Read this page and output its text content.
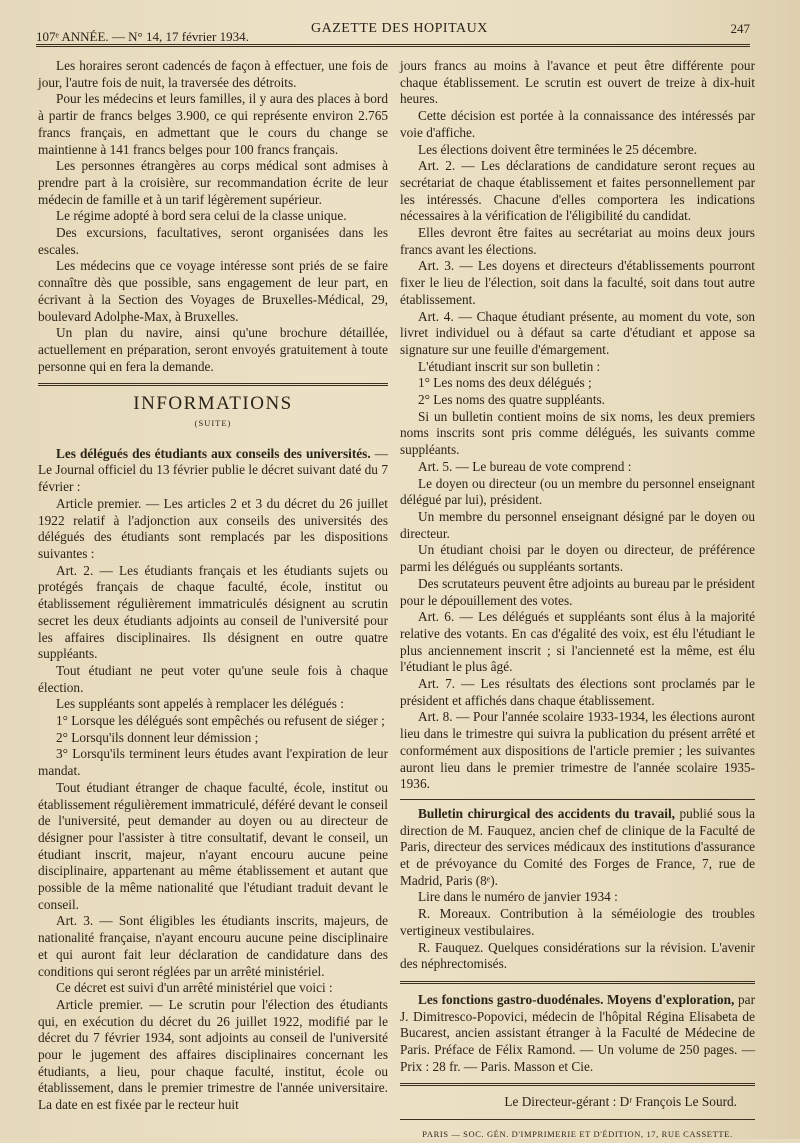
107ᵉ ANNÉE. — N° 14, 17 février 1934.
GAZETTE DES HOPITAUX	247

Les horaires seront cadencés de façon à effectuer, une fois de jour, l'autre fois de nuit, la traversée des détroits.

Pour les médecins et leurs familles, il y aura des places à bord à partir de francs belges 3.900, ce qui représente environ 2.765 francs français, en admettant que le cours du change se maintienne à 141 francs belges pour 100 francs français.

Les personnes étrangères au corps médical sont admises à prendre part à la croisière, sur recommandation écrite de leur médecin de famille et à un tarif légèrement supérieur.

Le régime adopté à bord sera celui de la classe unique.

Des excursions, facultatives, seront organisées dans les escales.

Les médecins que ce voyage intéresse sont priés de se faire connaître dès que possible, sans engagement de leur part, en écrivant à la Section des Voyages de Bruxelles-Médical, 29, boulevard Adolphe-Max, à Bruxelles.

Un plan du navire, ainsi qu'une brochure détaillée, actuellement en préparation, seront envoyés gratuitement à toute personne qui en fera la demande.

INFORMATIONS
(SUITE)

Les délégués des étudiants aux conseils des universités. — Le Journal officiel du 13 février publie le décret suivant daté du 7 février :

Article premier. — Les articles 2 et 3 du décret du 26 juillet 1922 relatif à l'adjonction aux conseils des universités des délégués des étudiants sont remplacés par les dispositions suivantes :

Art. 2. — Les étudiants français et les étudiants sujets ou protégés français de chaque faculté, école, institut ou établissement régulièrement immatriculés désignent au scrutin secret les deux étudiants adjoints au conseil de l'université pour les affaires disciplinaires. Ils désignent en outre quatre suppléants.

Tout étudiant ne peut voter qu'une seule fois à chaque élection.

Les suppléants sont appelés à remplacer les délégués :

1° Lorsque les délégués sont empêchés ou refusent de siéger ;

2° Lorsqu'ils donnent leur démission ;

3° Lorsqu'ils terminent leurs études avant l'expiration de leur mandat.

Tout étudiant étranger de chaque faculté, école, institut ou établissement régulièrement immatriculé, déféré devant le conseil de l'université, peut demander au doyen ou au directeur de désigner pour l'assister à titre consultatif, devant le conseil, un étudiant inscrit, majeur, n'ayant encouru aucune peine disciplinaire, appartenant au même établissement et autant que possible de la même nationalité que l'étudiant traduit devant le conseil.

Art. 3. — Sont éligibles les étudiants inscrits, majeurs, de nationalité française, n'ayant encouru aucune peine disciplinaire et qui auront fait leur déclaration de candidature dans des conditions qui seront réglées par un arrêté ministériel.

Ce décret est suivi d'un arrêté ministériel que voici :

Article premier. — Le scrutin pour l'élection des étudiants qui, en exécution du décret du 26 juillet 1922, modifié par le décret du 7 février 1934, sont adjoints au conseil de l'université pour le jugement des affaires disciplinaires concernant les étudiants, a lieu, pour chaque faculté, institut, école ou établissement, dans le premier trimestre de l'année universitaire. La date en est fixée par le recteur huit

jours francs au moins à l'avance et peut être différente pour chaque établissement. Le scrutin est ouvert de treize à dix-huit heures.

Cette décision est portée à la connaissance des intéressés par voie d'affiche.

Les élections doivent être terminées le 25 décembre.

Art. 2. — Les déclarations de candidature seront reçues au secrétariat de chaque établissement et faites personnellement par les intéressés. Chacune d'elles comportera les indications nécessaires à la vérification de l'éligibilité du candidat.

Elles devront être faites au secrétariat au moins deux jours francs avant les élections.

Art. 3. — Les doyens et directeurs d'établissements pourront fixer le lieu de l'élection, soit dans la faculté, soit dans tout autre établissement.

Art. 4. — Chaque étudiant présente, au moment du vote, son livret individuel ou à défaut sa carte d'étudiant et appose sa signature sur une feuille d'émargement.

L'étudiant inscrit sur son bulletin :

1° Les noms des deux délégués ;

2° Les noms des quatre suppléants.

Si un bulletin contient moins de six noms, les deux premiers noms inscrits sont pris comme délégués, les suivants comme suppléants.

Art. 5. — Le bureau de vote comprend :

Le doyen ou directeur (ou un membre du personnel enseignant délégué par lui), président.

Un membre du personnel enseignant désigné par le doyen ou directeur.

Un étudiant choisi par le doyen ou directeur, de préférence parmi les délégués ou suppléants sortants.

Des scrutateurs peuvent être adjoints au bureau par le président pour le dépouillement des votes.

Art. 6. — Les délégués et suppléants sont élus à la majorité relative des votants. En cas d'égalité des voix, est élu l'étudiant le plus anciennement inscrit ; si l'ancienneté est la même, est élu l'étudiant le plus âgé.

Art. 7. — Les résultats des élections sont proclamés par le président et affichés dans chaque établissement.

Art. 8. — Pour l'année scolaire 1933-1934, les élections auront lieu dans le trimestre qui suivra la publication du présent arrêté et conformément aux dispositions de l'article premier ; les suivantes auront lieu dans le premier trimestre de l'année scolaire 1935-1936.

Bulletin chirurgical des accidents du travail, publié sous la direction de M. Fauquez, ancien chef de clinique de la Faculté de Paris, directeur des services médicaux des institutions d'assurance et de prévoyance du Comité des Forges de France, 7, rue de Madrid, Paris (8ᵉ).

Lire dans le numéro de janvier 1934 :

R. Moreaux. Contribution à la séméiologie des troubles vertigineux vestibulaires.

R. Fauquez. Quelques considérations sur la révision. L'avenir des néphrectomisés.

Les fonctions gastro-duodénales. Moyens d'exploration, par J. Dimitresco-Popovici, médecin de l'hôpital Régina Elisabeta de Bucarest, ancien assistant étranger à la Faculté de Médecine de Paris. Préface de Félix Ramond. — Un volume de 250 pages. — Prix : 28 fr. — Paris. Masson et Cie.

Le Directeur-gérant : Dʳ François Le Sourd.

PARIS — SOC. GÉN. D'IMPRIMERIE ET D'ÉDITION, 17, RUE CASSETTE.
